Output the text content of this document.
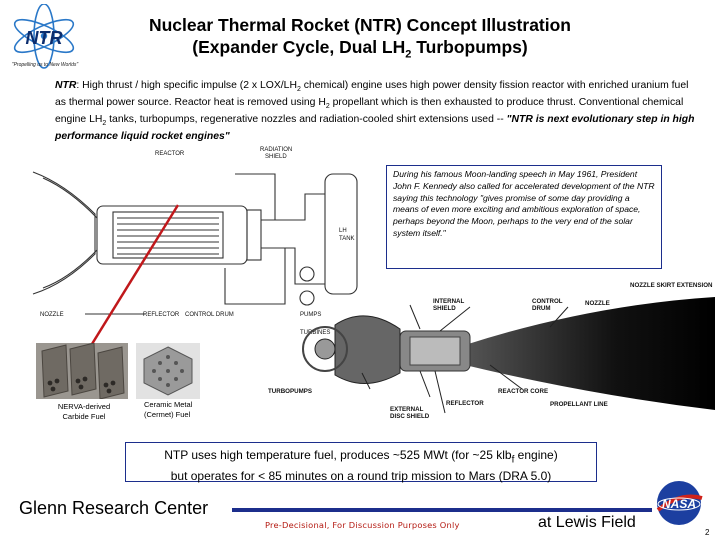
NTR
"Propelling us to New Worlds"
Nuclear Thermal Rocket (NTR) Concept Illustration
(Expander Cycle, Dual $LH_2$ Turbopumps)
NTR: High thrust / high specific impulse (2 x LOX/$LH_2$ chemical) engine uses high power density fission reactor with enriched uranium fuel as thermal power source. Reactor heat is removed using $H_2$ propellant which is then exhausted to produce thrust. Conventional chemical engine $LH_2$ tanks, turbopumps, regenerative nozzles and radiation-cooled shirt extensions used -- "NTR is next evolutionary step in high performance liquid rocket engines"
REACTOR
RADIATION
SHIELD
LH
TANK
NOZZLE	REFLECTOR CONTROL DRUM	PUMPS
TURBINES
INTERNAL
SHIELD
CONTROL
DRUM
NOZZLE
NOZZLE SKIRT EXTENSION
REACTOR CORE
TURBOPUMPS
PROPELLANT LINE
EXTERNAL
DISC SHIELD
REFLECTOR
During his famous Moon-landing speech in May 1961, President John F. Kennedy also called for accelerated development of the NTR saying this technology "gives promise of some day providing a means of even more exciting and ambitious exploration of space, perhaps beyond the Moon, perhaps to the very end of the solar system itself."
NERVA-derived
Carbide Fuel
Ceramic Metal
(Cermet) Fuel
NTP uses high temperature fuel, produces ~525 MWt (for ~25 klb$_f$ engine)
but operates for < 85 minutes on a round trip mission to Mars (DRA 5.0)
Glenn Research Center
Pre-Decisional, For Discussion Purposes Only	at Lewis Field
NASA
2
